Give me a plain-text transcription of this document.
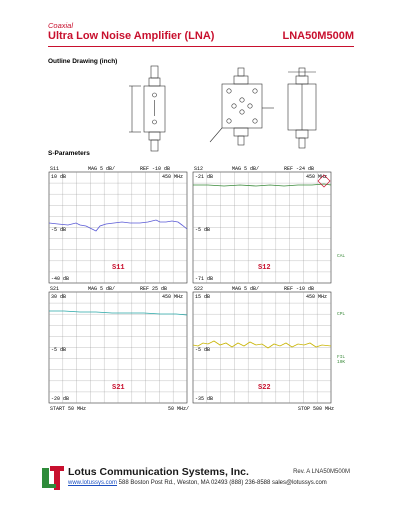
Coaxial
Ultra Low Noise Amplifier (LNA)	LNA50M500M
Outline Drawing (inch)
S-Parameters
S11	MAG 5 dB/	REF -10 dB
10 dB	450 MHz
-5 dB
-40 dB
S11
S12	MAG 5 dB/	REF -24 dB
-21 dB	450 MHz
-5 dB
-71 dB
CAL
S12
S21	MAG 5 dB/	REF 25 dB
30 dB	450 MHz
-5 dB
-20 dB
S21
S22	MAG 5 dB/	REF -10 dB
15 dB	450 MHz
-5 dB
-35 dB
CPL
FIL
10K
S22
START 50 MHz	50 MHz/	STOP 500 MHz
Lotus Communication Systems, Inc.	Rev. A LNA50M500M
www.lotussys.com 588 Boston Post Rd., Weston, MA 02493 (888) 236-8588 sales@lotussys.com
